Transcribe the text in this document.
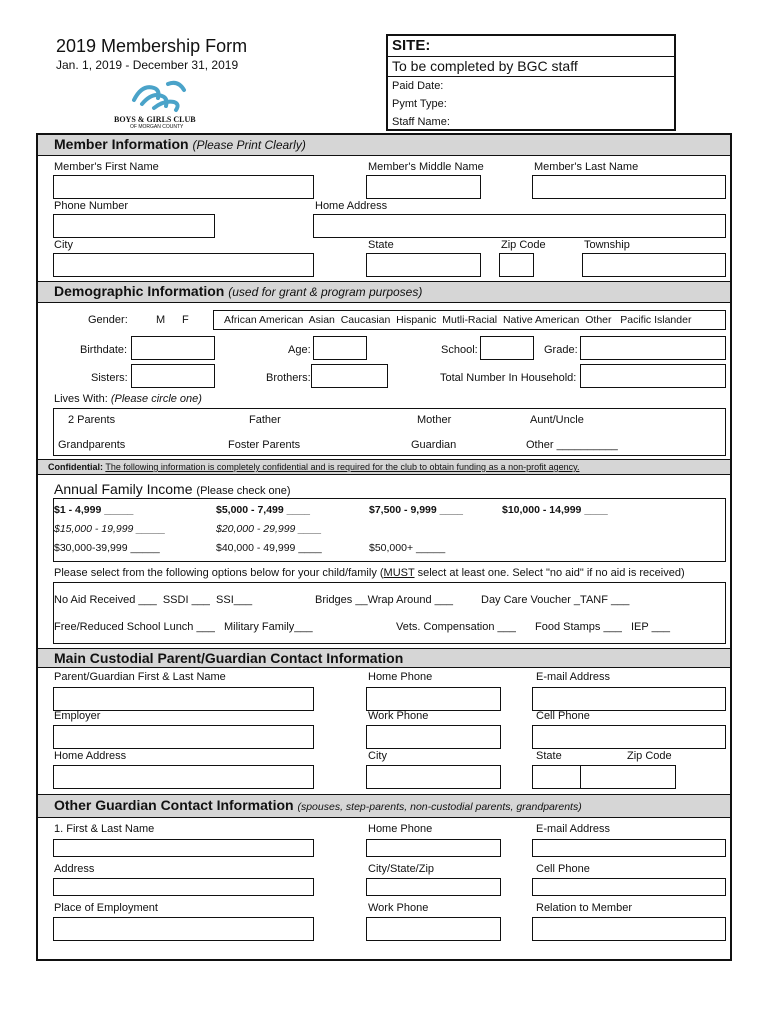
2019 Membership Form
Jan. 1, 2019 - December 31, 2019
BOYS & GIRLS CLUB
OF MORGAN COUNTY
SITE:
To be completed by BGC staff
Paid Date:
Pymt Type:
Staff Name:
Member Information (Please Print Clearly)
Member's First Name	Member's Middle Name	Member's Last Name
Phone Number	Home Address
City	State	Zip Code	Township
Demographic Information (used for grant & program purposes)
Gender:	M F	African American  Asian  Caucasian  Hispanic  Mutli-Racial  Native American  Other   Pacific Islander
Birthdate:	Age:	School:	Grade:
Sisters:	Brothers:	Total Number In Household:
Lives With: (Please circle one)
2 Parents	Father	Mother	Aunt/Uncle
Grandparents	Foster Parents	Guardian	Other __________
Confidential: The following information is completely confidential and is required for the club to obtain funding as a non-profit agency.
Annual Family Income (Please check one)
$1 - 4,999 _____	$5,000 - 7,499 ____	$7,500 - 9,999 ____	$10,000 - 14,999 ____
$15,000 - 19,999 _____	$20,000 - 29,999 ____
$30,000-39,999 _____	$40,000 - 49,999 ____	$50,000+ _____
Please select from the following options below for your child/family (MUST select at least one. Select "no aid" if no aid is received)
No Aid Received ___  SSDI ___  SSI___	Bridges __Wrap Around ___	Day Care Voucher _TANF ___
Free/Reduced School Lunch ___   Military Family___	Vets. Compensation ___ Food Stamps ___   IEP ___
Main Custodial Parent/Guardian Contact Information
Parent/Guardian First & Last Name	Home Phone	E-mail Address
Employer	Work Phone	Cell Phone
Home Address	City	State	Zip Code
Other Guardian Contact Information (spouses, step-parents, non-custodial parents, grandparents)
1. First & Last Name	Home Phone	E-mail Address
Address	City/State/Zip	Cell Phone
Place of Employment	Work Phone	Relation to Member
